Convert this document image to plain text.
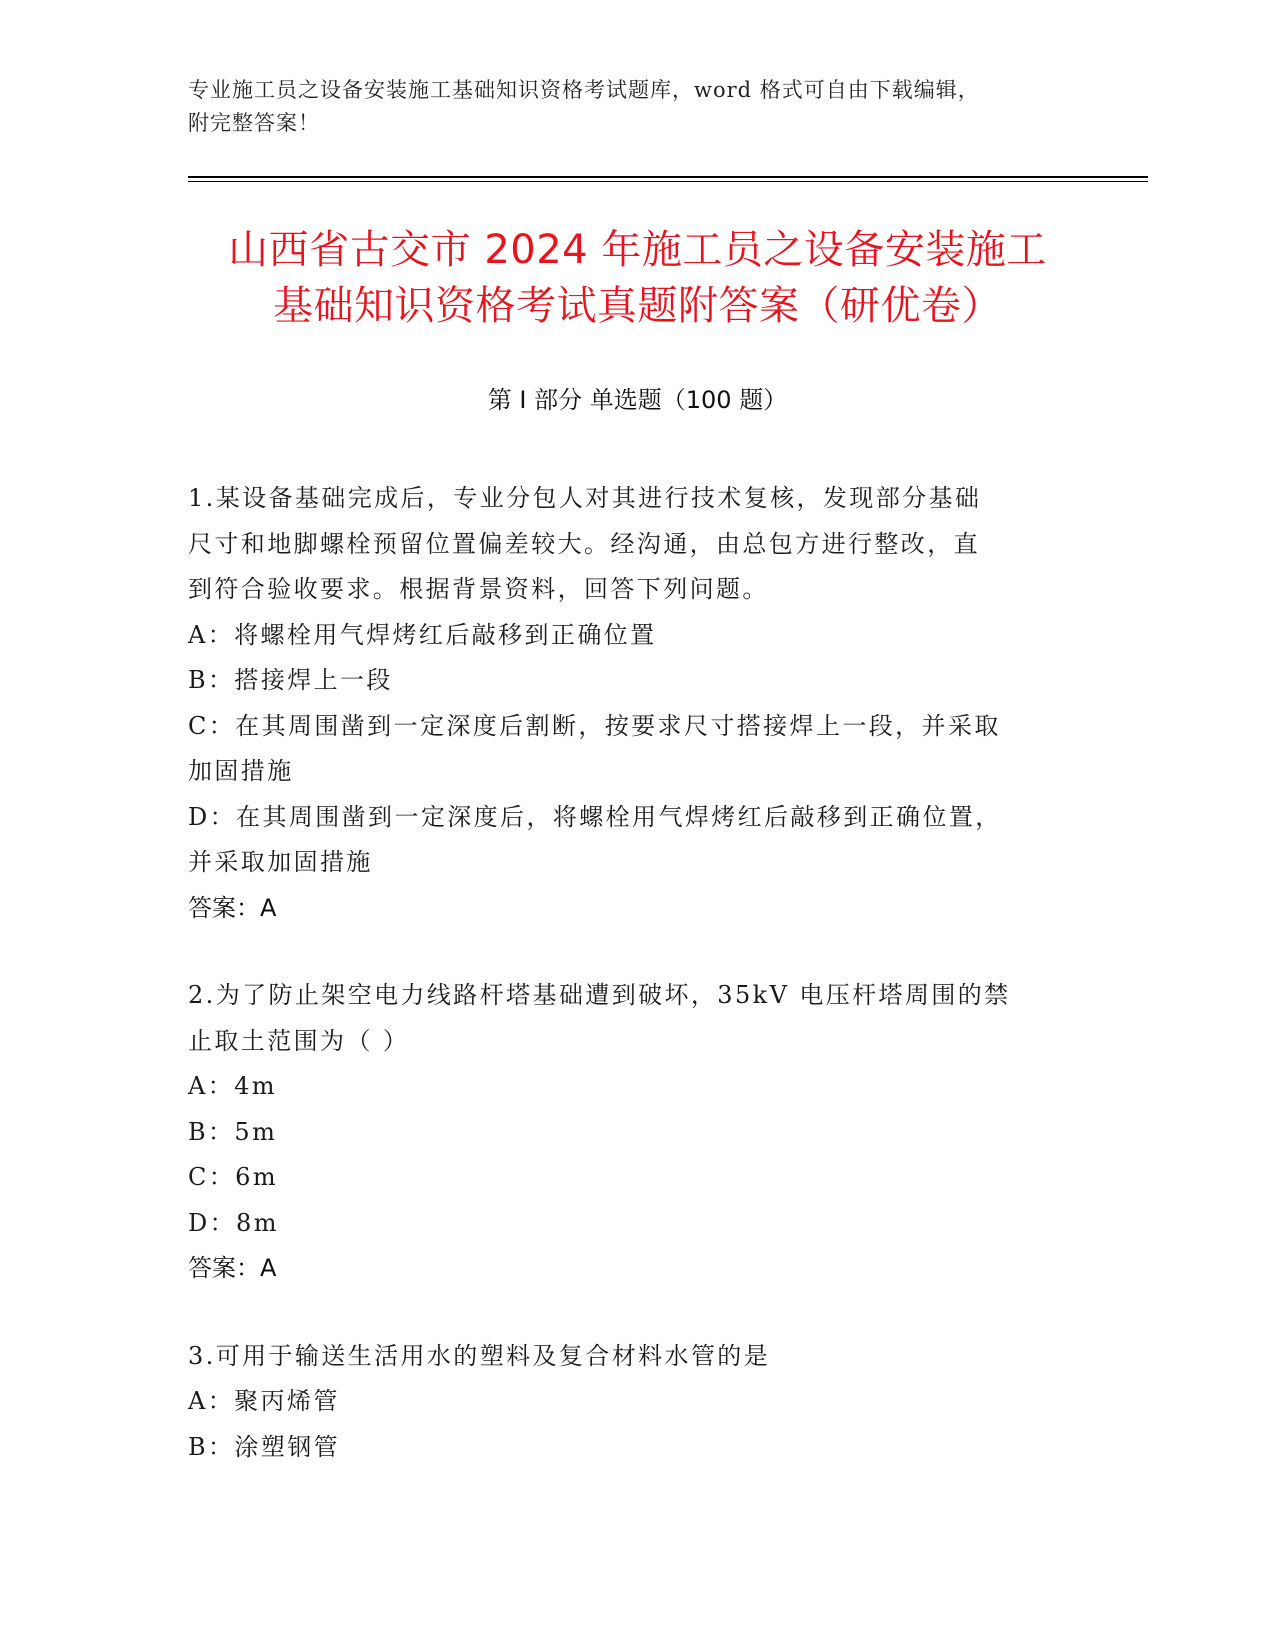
专业施工员之设备安装施工基础知识资格考试题库，word 格式可自由下载编辑，
附完整答案！
山西省古交市 2024 年施工员之设备安装施工
基础知识资格考试真题附答案（研优卷）
第 I 部分 单选题（100 题）
1.某设备基础完成后，专业分包人对其进行技术复核，发现部分基础
尺寸和地脚螺栓预留位置偏差较大。经沟通，由总包方进行整改，直
到符合验收要求。根据背景资料，回答下列问题。
A：将螺栓用气焊烤红后敲移到正确位置
B：搭接焊上一段
C：在其周围凿到一定深度后割断，按要求尺寸搭接焊上一段，并采取
加固措施
D：在其周围凿到一定深度后，将螺栓用气焊烤红后敲移到正确位置，
并采取加固措施
答案：A
2.为了防止架空电力线路杆塔基础遭到破坏，35kV 电压杆塔周围的禁
止取土范围为（ ）
A：4m
B：5m
C：6m
D：8m
答案：A
3.可用于输送生活用水的塑料及复合材料水管的是
A：聚丙烯管
B：涂塑钢管
